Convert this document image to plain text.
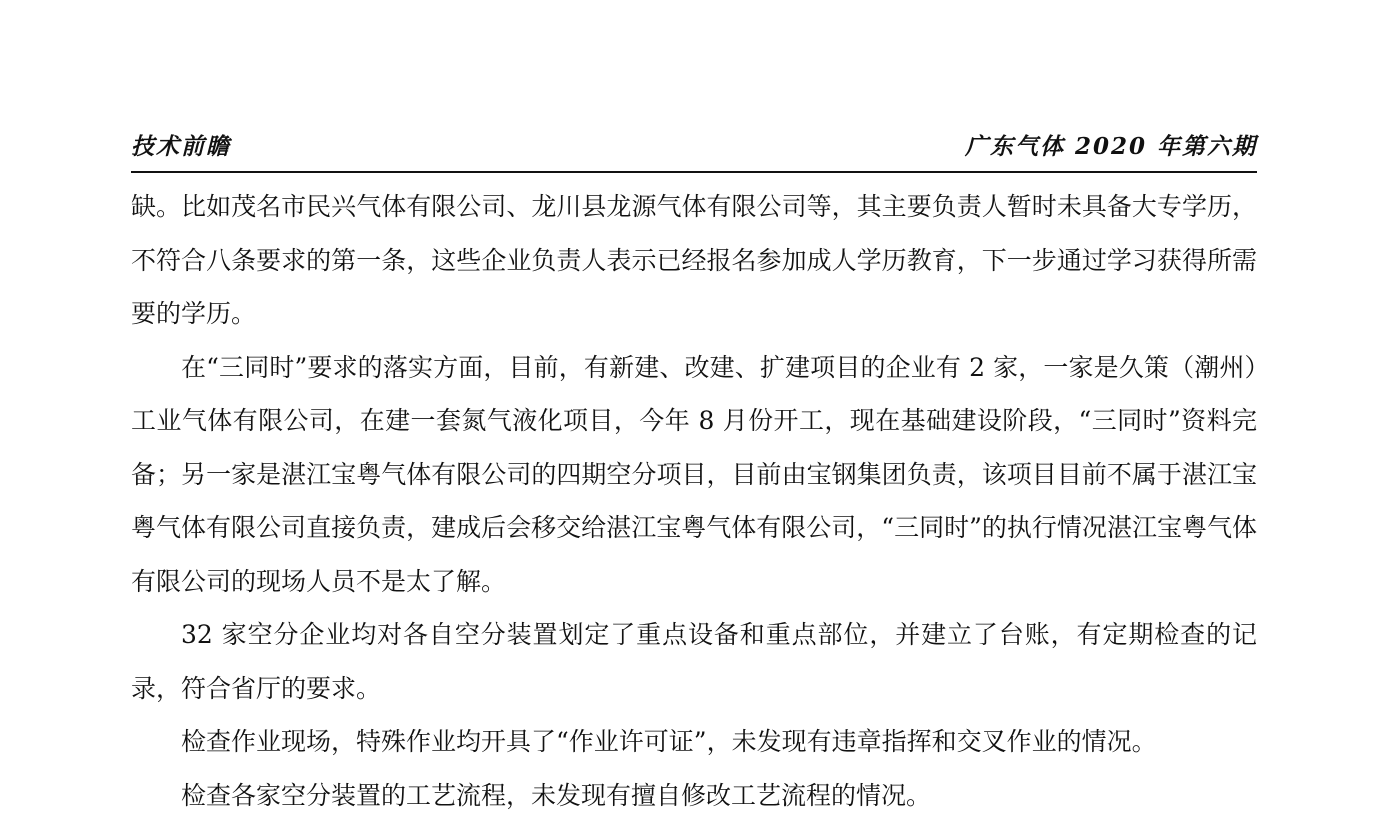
技术前瞻	广东气体 2020 年第六期

缺。比如茂名市民兴气体有限公司、龙川县龙源气体有限公司等，其主要负责人暂时未具备大专学历，不符合八条要求的第一条，这些企业负责人表示已经报名参加成人学历教育，下一步通过学习获得所需要的学历。

在“三同时”要求的落实方面，目前，有新建、改建、扩建项目的企业有 2 家，一家是久策（潮州）工业气体有限公司，在建一套氮气液化项目，今年 8 月份开工，现在基础建设阶段，“三同时”资料完备；另一家是湛江宝粤气体有限公司的四期空分项目，目前由宝钢集团负责，该项目目前不属于湛江宝粤气体有限公司直接负责，建成后会移交给湛江宝粤气体有限公司，“三同时”的执行情况湛江宝粤气体有限公司的现场人员不是太了解。

32 家空分企业均对各自空分装置划定了重点设备和重点部位，并建立了台账，有定期检查的记录，符合省厅的要求。

检查作业现场，特殊作业均开具了“作业许可证”，未发现有违章指挥和交叉作业的情况。

检查各家空分装置的工艺流程，未发现有擅自修改工艺流程的情况。
